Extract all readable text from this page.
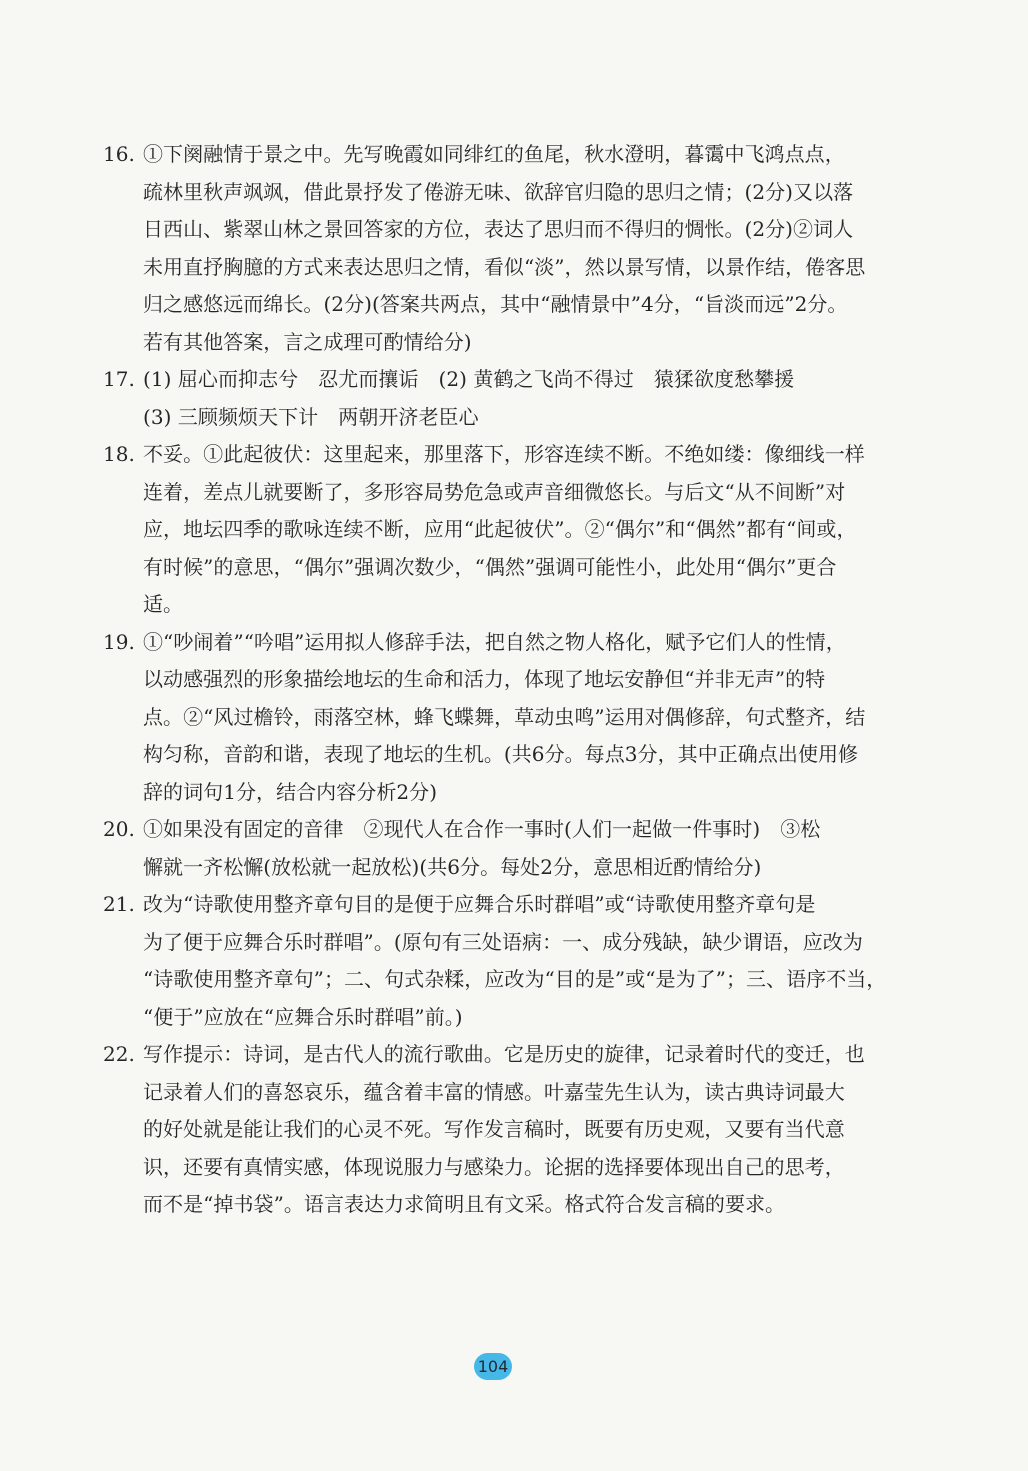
16. ①下阕融情于景之中。先写晚霞如同绯红的鱼尾，秋水澄明，暮霭中飞鸿点点，
疏林里秋声飒飒，借此景抒发了倦游无味、欲辞官归隐的思归之情；(2分)又以落
日西山、紫翠山林之景回答家的方位，表达了思归而不得归的惆怅。(2分)②词人
未用直抒胸臆的方式来表达思归之情，看似“淡”，然以景写情，以景作结，倦客思
归之感悠远而绵长。(2分)(答案共两点，其中“融情景中”4分，“旨淡而远”2分。
若有其他答案，言之成理可酌情给分)
17. (1) 屈心而抑志兮　忍尤而攘诟　(2) 黄鹤之飞尚不得过　猿猱欲度愁攀援
(3) 三顾频烦天下计　两朝开济老臣心
18. 不妥。①此起彼伏：这里起来，那里落下，形容连续不断。不绝如缕：像细线一样
连着，差点儿就要断了，多形容局势危急或声音细微悠长。与后文“从不间断”对
应，地坛四季的歌咏连续不断，应用“此起彼伏”。②“偶尔”和“偶然”都有“间或，
有时候”的意思，“偶尔”强调次数少，“偶然”强调可能性小，此处用“偶尔”更合
适。
19. ①“吵闹着”“吟唱”运用拟人修辞手法，把自然之物人格化，赋予它们人的性情，
以动感强烈的形象描绘地坛的生命和活力，体现了地坛安静但“并非无声”的特
点。②“风过檐铃，雨落空林，蜂飞蝶舞，草动虫鸣”运用对偶修辞，句式整齐，结
构匀称，音韵和谐，表现了地坛的生机。(共6分。每点3分，其中正确点出使用修
辞的词句1分，结合内容分析2分)
20. ①如果没有固定的音律　②现代人在合作一事时(人们一起做一件事时)　③松
懈就一齐松懈(放松就一起放松)(共6分。每处2分，意思相近酌情给分)
21. 改为“诗歌使用整齐章句目的是便于应舞合乐时群唱”或“诗歌使用整齐章句是
为了便于应舞合乐时群唱”。(原句有三处语病：一、成分残缺，缺少谓语，应改为
“诗歌使用整齐章句”；二、句式杂糅，应改为“目的是”或“是为了”；三、语序不当，
“便于”应放在“应舞合乐时群唱”前。)
22. 写作提示：诗词，是古代人的流行歌曲。它是历史的旋律，记录着时代的变迁，也
记录着人们的喜怒哀乐，蕴含着丰富的情感。叶嘉莹先生认为，读古典诗词最大
的好处就是能让我们的心灵不死。写作发言稿时，既要有历史观，又要有当代意
识，还要有真情实感，体现说服力与感染力。论据的选择要体现出自己的思考，
而不是“掉书袋”。语言表达力求简明且有文采。格式符合发言稿的要求。
104
